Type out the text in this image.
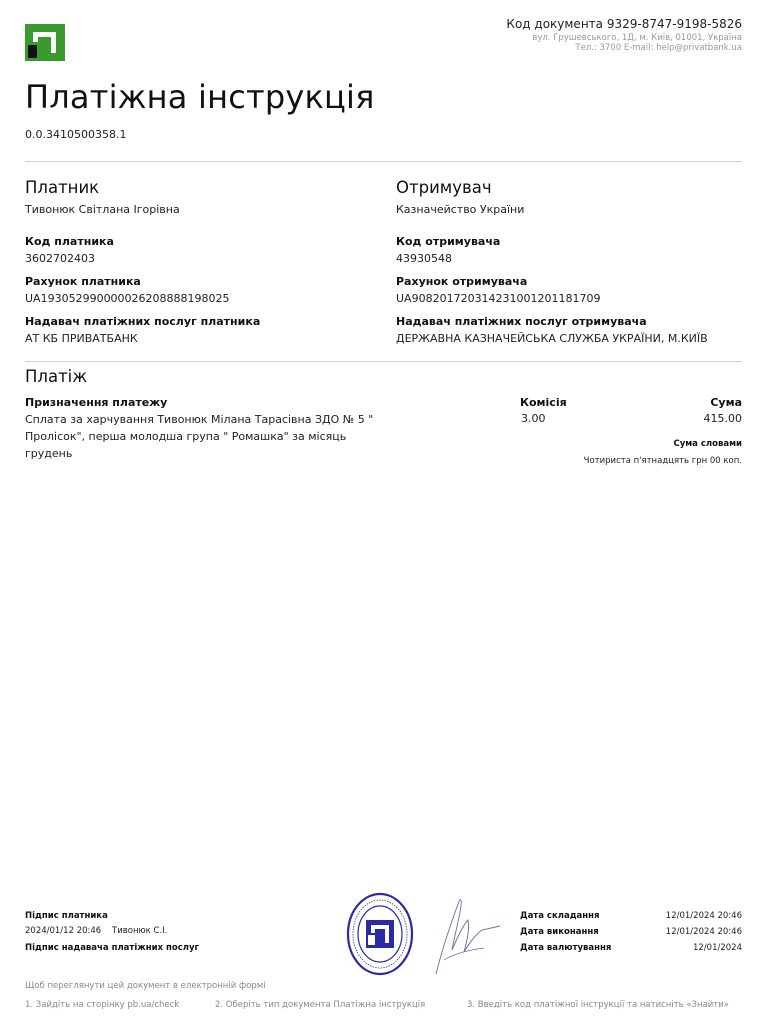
Код документа 9329-8747-9198-5826
вул. Грушевського, 1Д, м. Київ, 01001, Україна
Тел.: 3700 E-mail: help@privatbank.ua
Платіжна інструкція
0.0.3410500358.1
Платник
Тивонюк Світлана Ігорівна
Код платника
3602702403
Рахунок платника
UA193052990000026208888198025
Надавач платіжних послуг платника
АТ КБ ПРИВАТБАНК
Отримувач
Казначейство України
Код отримувача
43930548
Рахунок отримувача
UA908201720314231001201181709
Надавач платіжних послуг отримувача
ДЕРЖАВНА КАЗНАЧЕЙСЬКА СЛУЖБА УКРАЇНИ, М.КИЇВ
Платіж
Призначення платежу
Сплата за харчування Тивонюк Мілана Тарасівна ЗДО № 5 " Пролісок", перша молодша група " Ромашка" за місяць грудень
Комісія
3.00
Сума
415.00
Сума словами
Чотириста п'ятнадцять грн 00 коп.
Підпис платника
2024/01/12 20:46 Тивонюк С.І.
Підпис надавача платіжних послуг
Дата складання	12/01/2024 20:46
Дата виконання	12/01/2024 20:46
Дата валютування	12/01/2024
Щоб переглянути цей документ в електронній формі
1. Зайдіть на сторінку pb.ua/check	2. Оберіть тип документа Платіжна інструкція	3. Введіть код платіжної інструкції та натисніть «Знайти»
